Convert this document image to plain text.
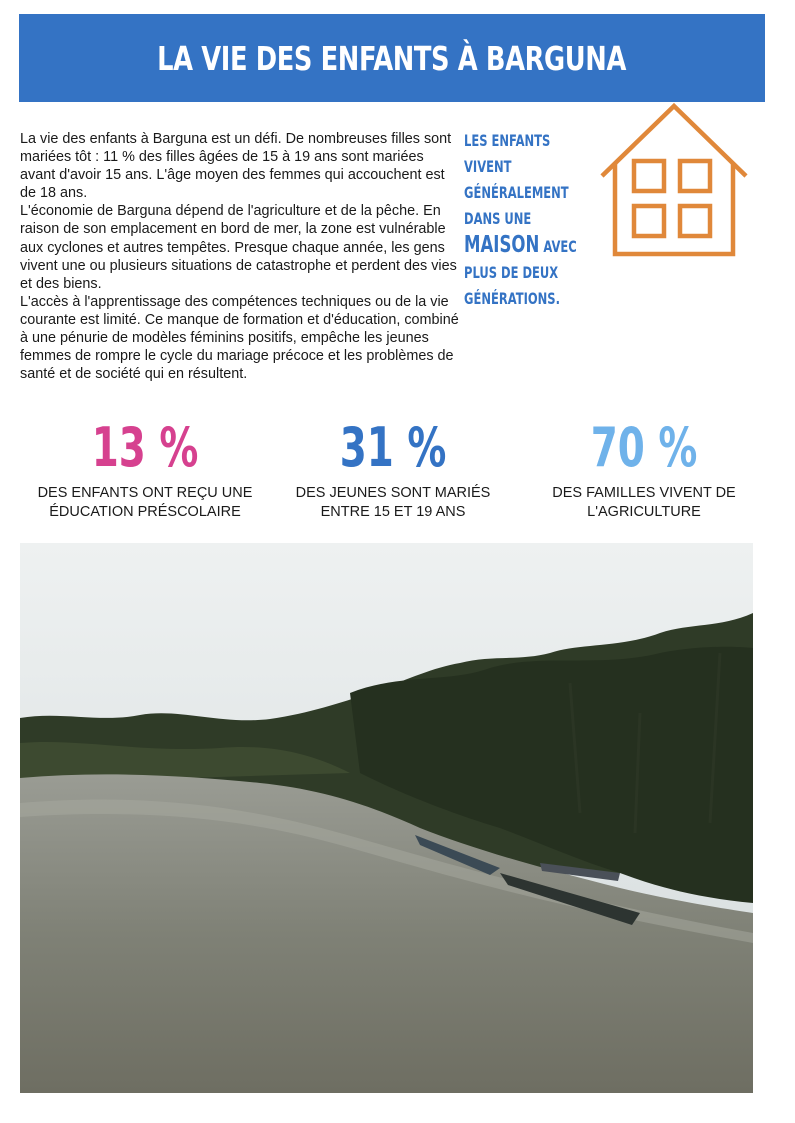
LA VIE DES ENFANTS À BARGUNA

La vie des enfants à Barguna est un défi. De nombreuses filles sont mariées tôt : 11 % des filles âgées de 15 à 19 ans sont mariées avant d'avoir 15 ans. L'âge moyen des femmes qui accouchent est de 18 ans.

L'économie de Barguna dépend de l'agriculture et de la pêche. En raison de son emplacement en bord de mer, la zone est vulnérable aux cyclones et autres tempêtes. Presque chaque année, les gens vivent une ou plusieurs situations de catastrophe et perdent des vies et des biens.

L'accès à l'apprentissage des compétences techniques ou de la vie courante est limité. Ce manque de formation et d'éducation, combiné à une pénurie de modèles féminins positifs, empêche les jeunes femmes de rompre le cycle du mariage précoce et les problèmes de santé et de société qui en résultent.

LES ENFANTS
VIVENT
GÉNÉRALEMENT
DANS UNE
MAISON AVEC
PLUS DE DEUX
GÉNÉRATIONS.
13 %
DES ENFANTS ONT REÇU UNE
ÉDUCATION PRÉSCOLAIRE
31 %
DES JEUNES SONT MARIÉS
ENTRE 15 ET 19 ANS
70 %
DES FAMILLES VIVENT DE
L'AGRICULTURE
